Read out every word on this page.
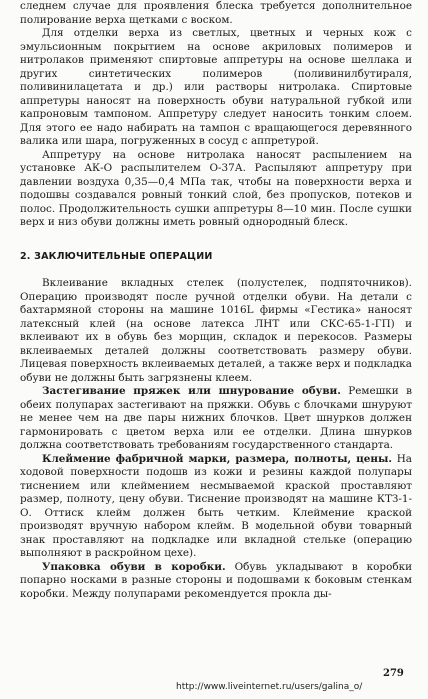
следнем случае для проявления блеска требуется дополнительное полирование верха щетками с воском.

Для отделки верха из светлых, цветных и черных кож с эмульсионным покрытием на основе акриловых полимеров и нитролаков применяют спиртовые аппретуры на основе шеллака и других синтетических полимеров (поливинилбутираля, поливинилацетата и др.) или растворы нитролака. Спиртовые аппретуры наносят на поверхность обуви натуральной губкой или капроновым тампоном. Аппретуру следует наносить тонким слоем. Для этого ее надо набирать на тампон с вращающегося деревянного валика или шара, погруженных в сосуд с аппретурой.

Аппретуру на основе нитролака наносят распылением на установке АК-О распылителем О-37А. Распыляют аппретуру при давлении воздуха 0,35—0,4 МПа так, чтобы на поверхности верха и подошвы создавался ровный тонкий слой, без пропусков, потеков и полос. Продолжительность сушки аппретуры 8—10 мин. После сушки верх и низ обуви должны иметь ровный однородный блеск.

2. ЗАКЛЮЧИТЕЛЬНЫЕ ОПЕРАЦИИ

Вклеивание вкладных стелек (полустелек, подпяточников). Операцию производят после ручной отделки обуви. На детали с бахтармяной стороны на машине 1016L фирмы «Гестика» наносят латексный клей (на основе латекса ЛНТ или СКС-65-1-ГП) и вклеивают их в обувь без морщин, складок и перекосов. Размеры вклеиваемых деталей должны соответствовать размеру обуви. Лицевая поверхность вклеиваемых деталей, а также верх и подкладка обуви не должны быть загрязнены клеем.

Застегивание пряжек или шнурование обуви. Ремешки в обеих полупарах застегивают на пряжки. Обувь с блочками шнуруют не менее чем на две пары нижних блочков. Цвет шнурков должен гармонировать с цветом верха или ее отделки. Длина шнурков должна соответствовать требованиям государственного стандарта.

Клеймение фабричной марки, размера, полноты, цены. На ходовой поверхности подошв из кожи и резины каждой полупары тиснением или клеймением несмываемой краской проставляют размер, полноту, цену обуви. Тиснение производят на машине КТЗ-1-О. Оттиск клейм должен быть четким. Клеймение краской производят вручную набором клейм. В модельной обуви товарный знак проставляют на подкладке или вкладной стельке (операцию выполняют в раскройном цехе).

Упаковка обуви в коробки. Обувь укладывают в коробки попарно носками в разные стороны и подошвами к боковым стенкам коробки. Между полупарами рекомендуется прокла ды-

279
http://www.liveinternet.ru/users/galina_o/
